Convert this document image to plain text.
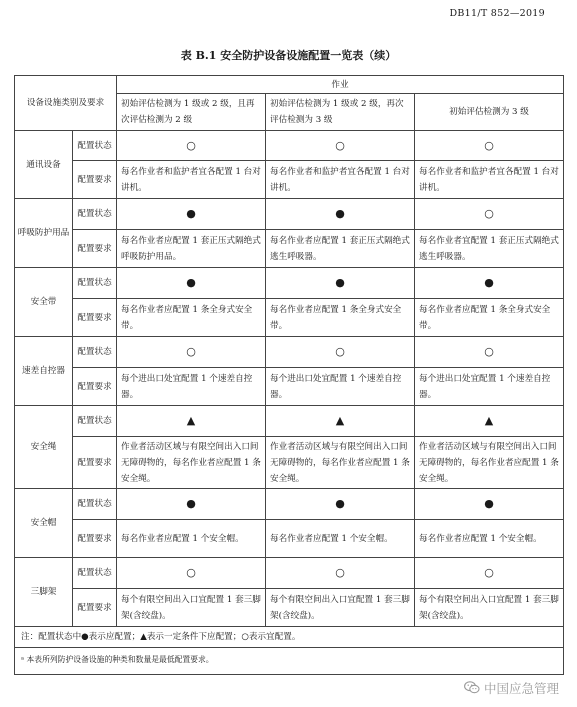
DB11/T 852—2019
表 B.1 安全防护设备设施配置一览表（续）
设备设施类别及要求		作业		
		初始评估检测为 1 级或 2 级，且再次评估检测为 2 级	初始评估检测为 1 级或 2 级，再次评估检测为 3 级	初始评估检测为 3 级
通讯设备	配置状态	○	○	○
	配置要求	每名作业者和监护者宜各配置 1 台对讲机。	每名作业者和监护者宜各配置 1 台对讲机。	每名作业者和监护者宜各配置 1 台对讲机。
呼吸防护用品	配置状态	●	●	○
	配置要求	每名作业者应配置 1 套正压式隔绝式呼吸防护用品。	每名作业者应配置 1 套正压式隔绝式逃生呼吸器。	每名作业者宜配置 1 套正压式隔绝式逃生呼吸器。
安全带	配置状态	●	●	●
	配置要求	每名作业者应配置 1 条全身式安全带。	每名作业者应配置 1 条全身式安全带。	每名作业者应配置 1 条全身式安全带。
速差自控器	配置状态	○	○	○
	配置要求	每个进出口处宜配置 1 个速差自控器。	每个进出口处宜配置 1 个速差自控器。	每个进出口处宜配置 1 个速差自控器。
安全绳	配置状态	▲	▲	▲
	配置要求	作业者活动区域与有限空间出入口间无障碍物的，每名作业者应配置 1 条安全绳。	作业者活动区域与有限空间出入口间无障碍物的，每名作业者应配置 1 条安全绳。	作业者活动区域与有限空间出入口间无障碍物的，每名作业者应配置 1 条安全绳。
安全帽	配置状态	●	●	●
	配置要求	每名作业者应配置 1 个安全帽。	每名作业者应配置 1 个安全帽。	每名作业者应配置 1 个安全帽。
三脚架	配置状态	○	○	○
	配置要求	每个有限空间出入口宜配置 1 套三脚架(含绞盘)。	每个有限空间出入口宜配置 1 套三脚架(含绞盘)。	每个有限空间出入口宜配置 1 套三脚架(含绞盘)。
注：配置状态中●表示应配置；▲表示一定条件下应配置；○表示宜配置。				
ᵃ 本表所列防护设备设施的种类和数量是最低配置要求。				
中国应急管理
